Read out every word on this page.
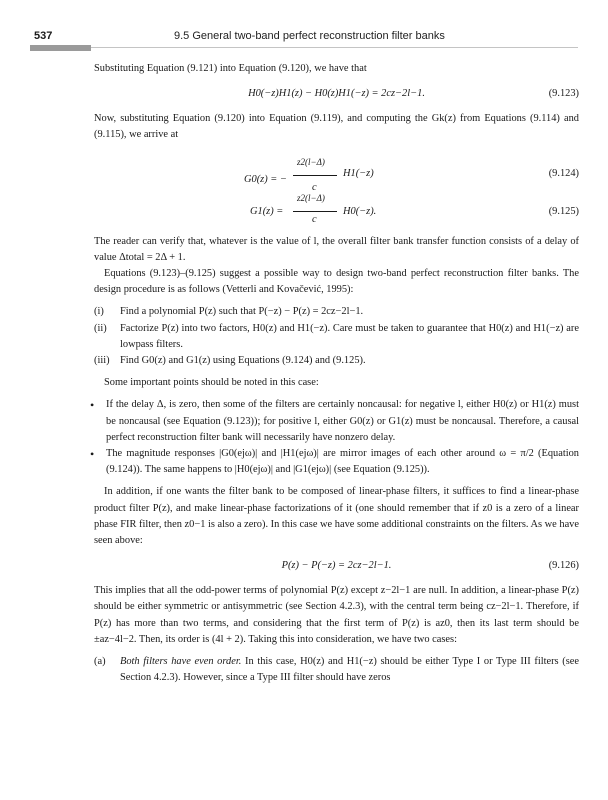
537	9.5 General two-band perfect reconstruction filter banks

Substituting Equation (9.121) into Equation (9.120), we have that

H0(−z)H1(z) − H0(z)H1(−z) = 2cz−2l−1.	(9.123)

Now, substituting Equation (9.120) into Equation (9.119), and computing the Gk(z) from Equations (9.114) and (9.115), we arrive at

G0(z) = −
z2(l−Δ)
c
H1(−z)	(9.124)
G1(z) =
z2(l−Δ)
c
H0(−z).	(9.125)

The reader can verify that, whatever is the value of l, the overall filter bank transfer function consists of a delay of value Δtotal = 2Δ + 1.

Equations (9.123)–(9.125) suggest a possible way to design two-band perfect reconstruction filter banks. The design procedure is as follows (Vetterli and Kovačević, 1995):

(i) Find a polynomial P(z) such that P(−z) − P(z) = 2cz−2l−1.
(ii) Factorize P(z) into two factors, H0(z) and H1(−z). Care must be taken to guarantee that H0(z) and H1(−z) are lowpass filters.
(iii) Find G0(z) and G1(z) using Equations (9.124) and (9.125).

Some important points should be noted in this case:

• If the delay Δ, is zero, then some of the filters are certainly noncausal: for negative l, either H0(z) or H1(z) must be noncausal (see Equation (9.123)); for positive l, either G0(z) or G1(z) must be noncausal. Therefore, a causal perfect reconstruction filter bank will necessarily have nonzero delay.
• The magnitude responses |G0(ejω)| and |H1(ejω)| are mirror images of each other around ω = π/2 (Equation (9.124)). The same happens to |H0(ejω)| and |G1(ejω)| (see Equation (9.125)).

In addition, if one wants the filter bank to be composed of linear-phase filters, it suffices to find a linear-phase product filter P(z), and make linear-phase factorizations of it (one should remember that if z0 is a zero of a linear phase FIR filter, then z0−1 is also a zero). In this case we have some additional constraints on the filters. As we have seen above:

P(z) − P(−z) = 2cz−2l−1.	(9.126)

This implies that all the odd-power terms of polynomial P(z) except z−2l−1 are null. In addition, a linear-phase P(z) should be either symmetric or antisymmetric (see Section 4.2.3), with the central term being cz−2l−1. Therefore, if P(z) has more than two terms, and considering that the first term of P(z) is az0, then its last term should be ±az−4l−2. Then, its order is (4l + 2). Taking this into consideration, we have two cases:

(a) Both filters have even order. In this case, H0(z) and H1(−z) should be either Type I or Type III filters (see Section 4.2.3). However, since a Type III filter should have zeros
